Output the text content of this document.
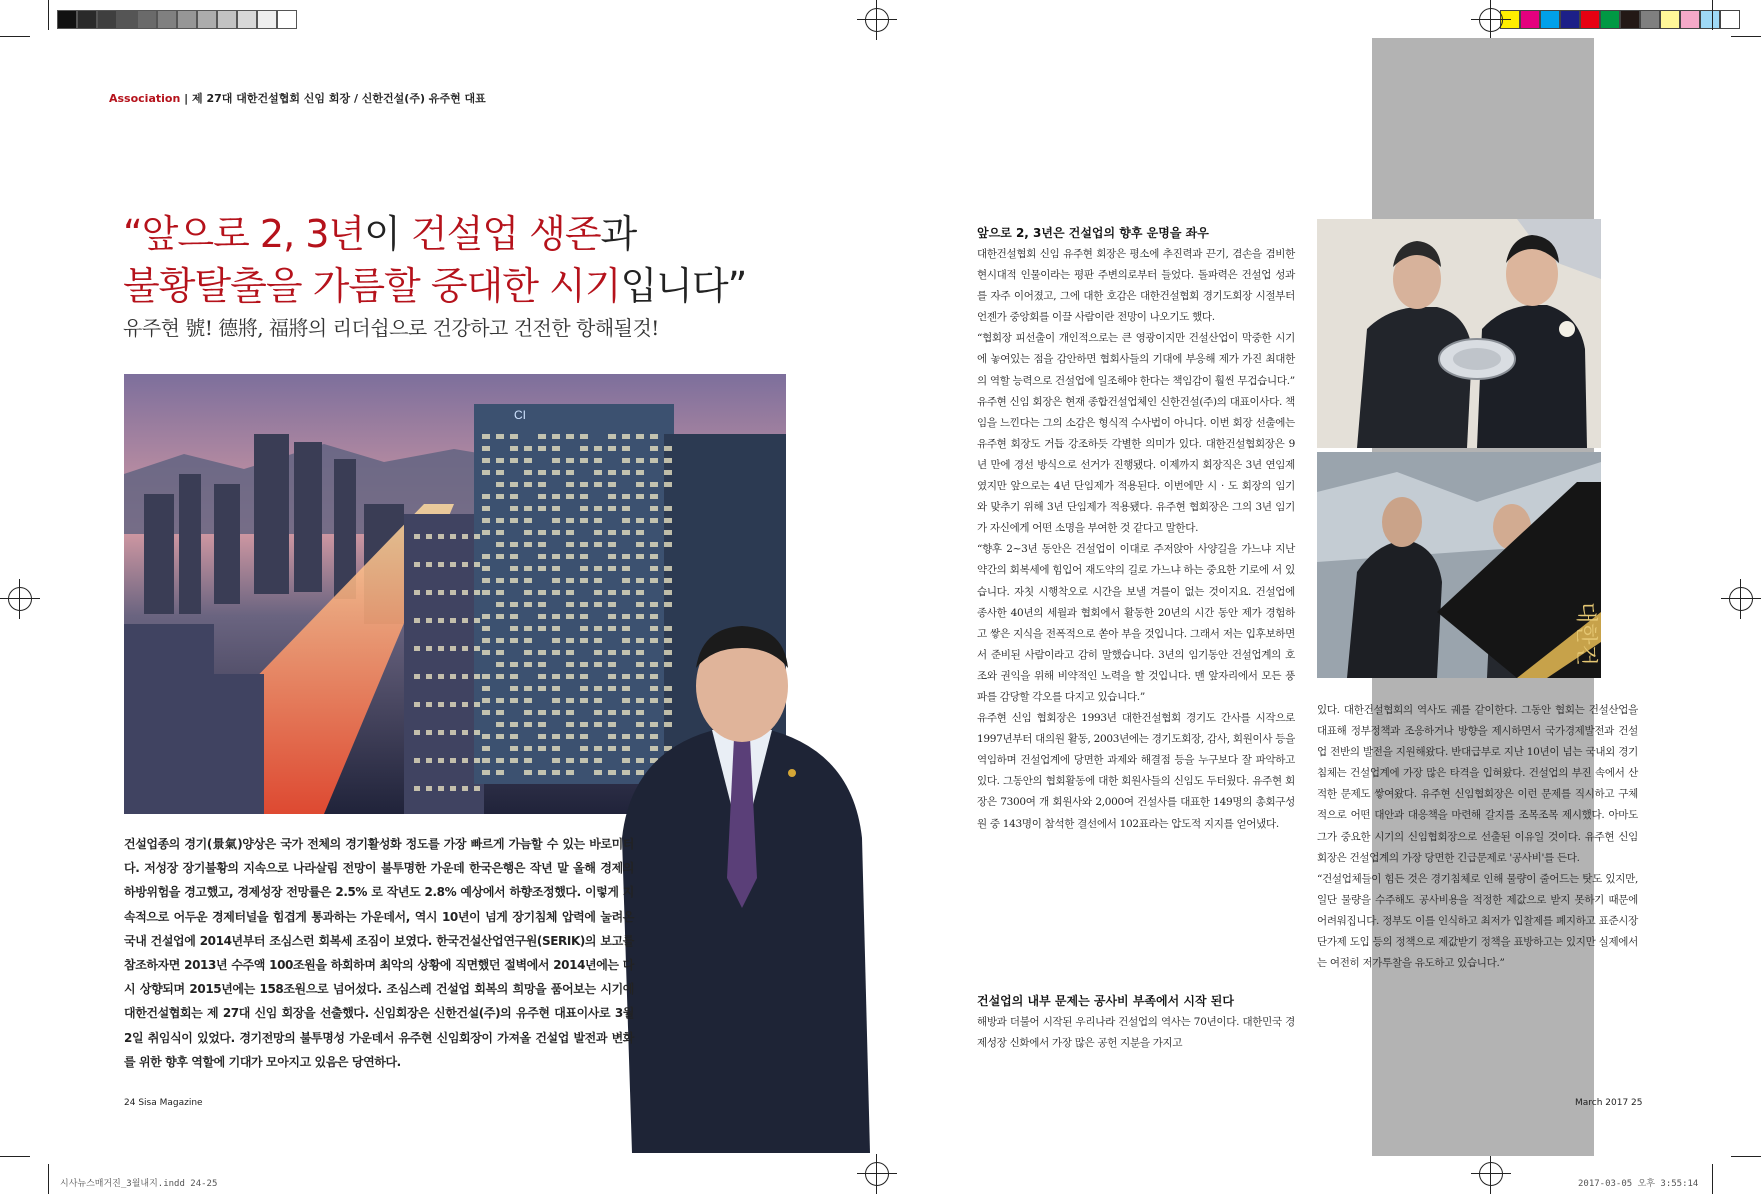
Association | 제 27대 대한건설협회 신임 회장 / 신한건설(주) 유주현 대표
“앞으로 2, 3년이 건설업 생존과
불황탈출을 가름할 중대한 시기입니다”
유주현 號! 德將, 福將의 리더쉽으로 건강하고 건전한 항해될것!
CI
건설업종의 경기(景氣)양상은 국가 전체의 경기활성화 정도를 가장 빠르게 가늠할 수 있는 바로미터다. 저성장 장기불황의 지속으로 나라살림 전망이 불투명한 가운데 한국은행은 작년 말 올해 경제의 하방위험을 경고했고, 경제성장 전망률은 2.5% 로 작년도 2.8% 예상에서 하향조정했다. 이렇게 지속적으로 어두운 경제터널을 힘겹게 통과하는 가운데서, 역시 10년이 넘게 장기침체 압력에 눌려온 국내 건설업에 2014년부터 조심스런 회복세 조짐이 보였다. 한국건설산업연구원(SERIK)의 보고를 참조하자면 2013년 수주액 100조원을 하회하며 최악의 상황에 직면했던 절벽에서 2014년에는 다시 상향되며 2015년에는 158조원으로 넘어섰다. 조심스레 건설업 회복의 희망을 품어보는 시기에 대한건설협회는 제 27대 신임 회장을 선출했다. 신임회장은 신한건설(주)의 유주현 대표이사로 3월 2일 취임식이 있었다. 경기전망의 불투명성 가운데서 유주현 신임회장이 가져올 건설업 발전과 변화를 위한 향후 역할에 기대가 모아지고 있음은 당연하다.
24 Sisa Magazine	March 2017 25
앞으로 2, 3년은 건설업의 향후 운명을 좌우

대한건설협회 신임 유주현 회장은 평소에 추진력과 끈기, 겸손을 겸비한 현시대적 인물이라는 평판 주변의로부터 들었다. 돌파력은 건설업 성과를 자주 이어졌고, 그에 대한 호감은 대한건설협회 경기도회장 시절부터 언젠가 중앙회를 이끌 사람이란 전망이 나오기도 했다.

“협회장 피선출이 개인적으로는 큰 영광이지만 건설산업이 막중한 시기에 놓여있는 점을 감안하면 협회사들의 기대에 부응해 제가 가진 최대한의 역할 능력으로 건설업에 일조해야 한다는 책임감이 훨씬 무겁습니다.”

유주현 신임 회장은 현재 종합건설업체인 신한건설(주)의 대표이사다. 책임을 느낀다는 그의 소감은 형식적 수사법이 아니다. 이번 회장 선출에는 유주현 회장도 거듭 강조하듯 각별한 의미가 있다. 대한건설협회장은 9년 만에 경선 방식으로 선거가 진행됐다. 이제까지 회장직은 3년 연임제였지만 앞으로는 4년 단임제가 적용된다. 이번에만 시 · 도 회장의 임기와 맞추기 위해 3년 단임제가 적용됐다. 유주현 협회장은 그의 3년 임기가 자신에게 어떤 소명을 부여한 것 같다고 말한다.

“향후 2~3년 동안은 건설업이 이대로 주저앉아 사양길을 가느냐 지난 약간의 회복세에 힘입어 재도약의 길로 가느냐 하는 중요한 기로에 서 있습니다. 자칫 시행착오로 시간을 보낼 겨를이 없는 것이지요. 건설업에 종사한 40년의 세월과 협회에서 활동한 20년의 시간 동안 제가 경험하고 쌓은 지식을 전폭적으로 쏟아 부을 것입니다. 그래서 저는 입후보하면서 준비된 사람이라고 감히 말했습니다. 3년의 임기동안 건설업계의 호조와 권익을 위해 비약적인 노력을 할 것입니다. 맨 앞자리에서 모든 풍파를 감당할 각오를 다지고 있습니다.”

유주현 신임 협회장은 1993년 대한건설협회 경기도 간사를 시작으로 1997년부터 대의원 활동, 2003년에는 경기도회장, 감사, 회원이사 등을 역임하며 건설업계에 당면한 과제와 해결점 등을 누구보다 잘 파악하고 있다. 그동안의 협회활동에 대한 회원사들의 신임도 두터웠다. 유주현 회장은 7300여 개 회원사와 2,000여 건설사를 대표한 149명의 총회구성원 중 143명이 참석한 결선에서 102표라는 압도적 지지를 얻어냈다.

건설업의 내부 문제는 공사비 부족에서 시작 된다

해방과 더불어 시작된 우리나라 건설업의 역사는 70년이다. 대한민국 경제성장 신화에서 가장 많은 공헌 지분을 가지고

대한건

있다. 대한건설협회의 역사도 궤를 같이한다. 그동안 협회는 건설산업을 대표해 정부정책과 조응하거나 방향을 제시하면서 국가경제발전과 건설업 전반의 발전을 지원해왔다. 반대급부로 지난 10년이 넘는 국내외 경기침체는 건설업계에 가장 많은 타격을 입혀왔다. 건설업의 부진 속에서 산적한 문제도 쌓여왔다. 유주현 신임협회장은 이런 문제를 직시하고 구체적으로 어떤 대안과 대응책을 마련해 갈지를 조목조목 제시했다. 아마도 그가 중요한 시기의 신임협회장으로 선출된 이유일 것이다. 유주현 신임회장은 건설업계의 가장 당면한 긴급문제로 '공사비'를 든다.

“건설업체들이 힘든 것은 경기침체로 인해 물량이 줄어드는 탓도 있지만, 일단 물량을 수주해도 공사비용을 적정한 제값으로 받지 못하기 때문에 어려워집니다. 정부도 이를 인식하고 최저가 입찰제를 폐지하고 표준시장단가제 도입 등의 정책으로 제값받기 정책을 표방하고는 있지만 실제에서는 여전히 저가투찰을 유도하고 있습니다.”

시사뉴스매거진_3월내지.indd 24-25	2017-03-05 오후 3:55:14
